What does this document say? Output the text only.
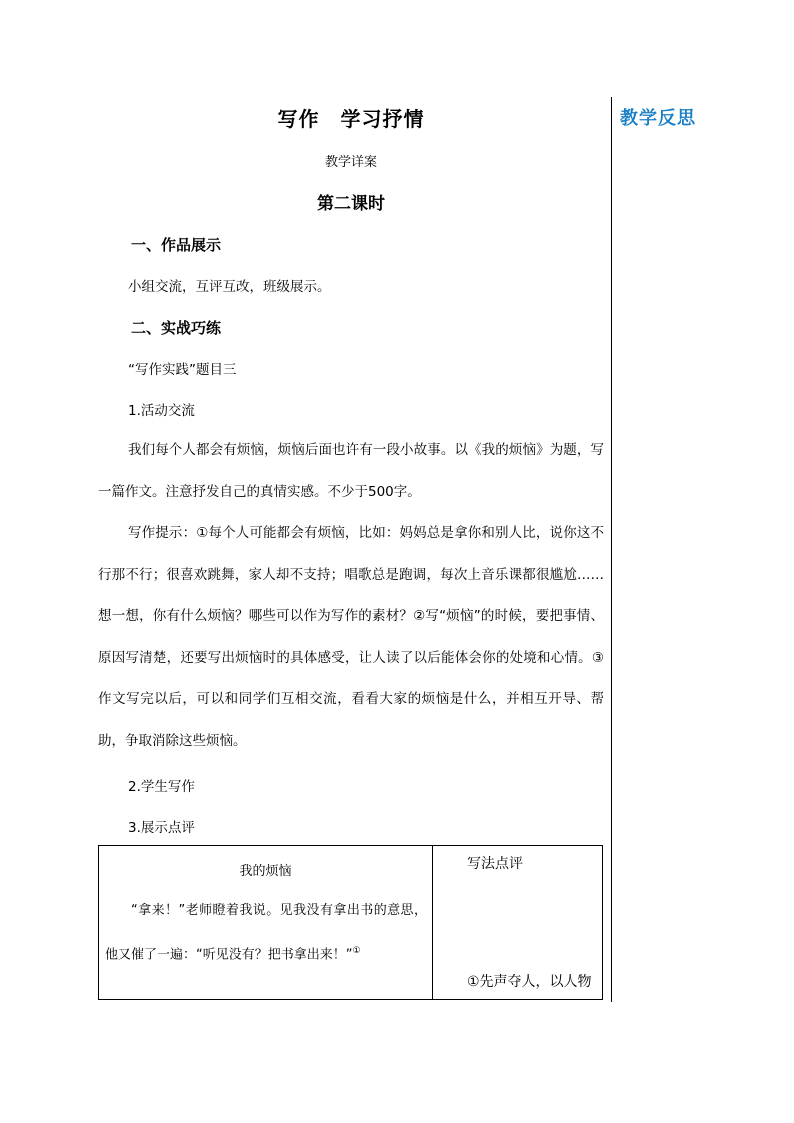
教学反思
写作　学习抒情
教学详案
第二课时
一、作品展示
小组交流，互评互改，班级展示。
二、实战巧练
“写作实践”题目三
1.活动交流
我们每个人都会有烦恼，烦恼后面也许有一段小故事。以《我的烦恼》为题，写一篇作文。注意抒发自己的真情实感。不少于500字。
写作提示：①每个人可能都会有烦恼，比如：妈妈总是拿你和别人比，说你这不行那不行；很喜欢跳舞，家人却不支持；唱歌总是跑调，每次上音乐课都很尴尬……想一想，你有什么烦恼？哪些可以作为写作的素材？②写“烦恼”的时候，要把事情、原因写清楚，还要写出烦恼时的具体感受，让人读了以后能体会你的处境和心情。③作文写完以后，可以和同学们互相交流，看看大家的烦恼是什么，并相互开导、帮助，争取消除这些烦恼。
2.学生写作
3.展示点评
我的烦恼
“拿来！”老师瞪着我说。见我没有拿出书的意思，他又催了一遍：“听见没有？把书拿出来！”①
写法点评
①先声夺人，以人物
